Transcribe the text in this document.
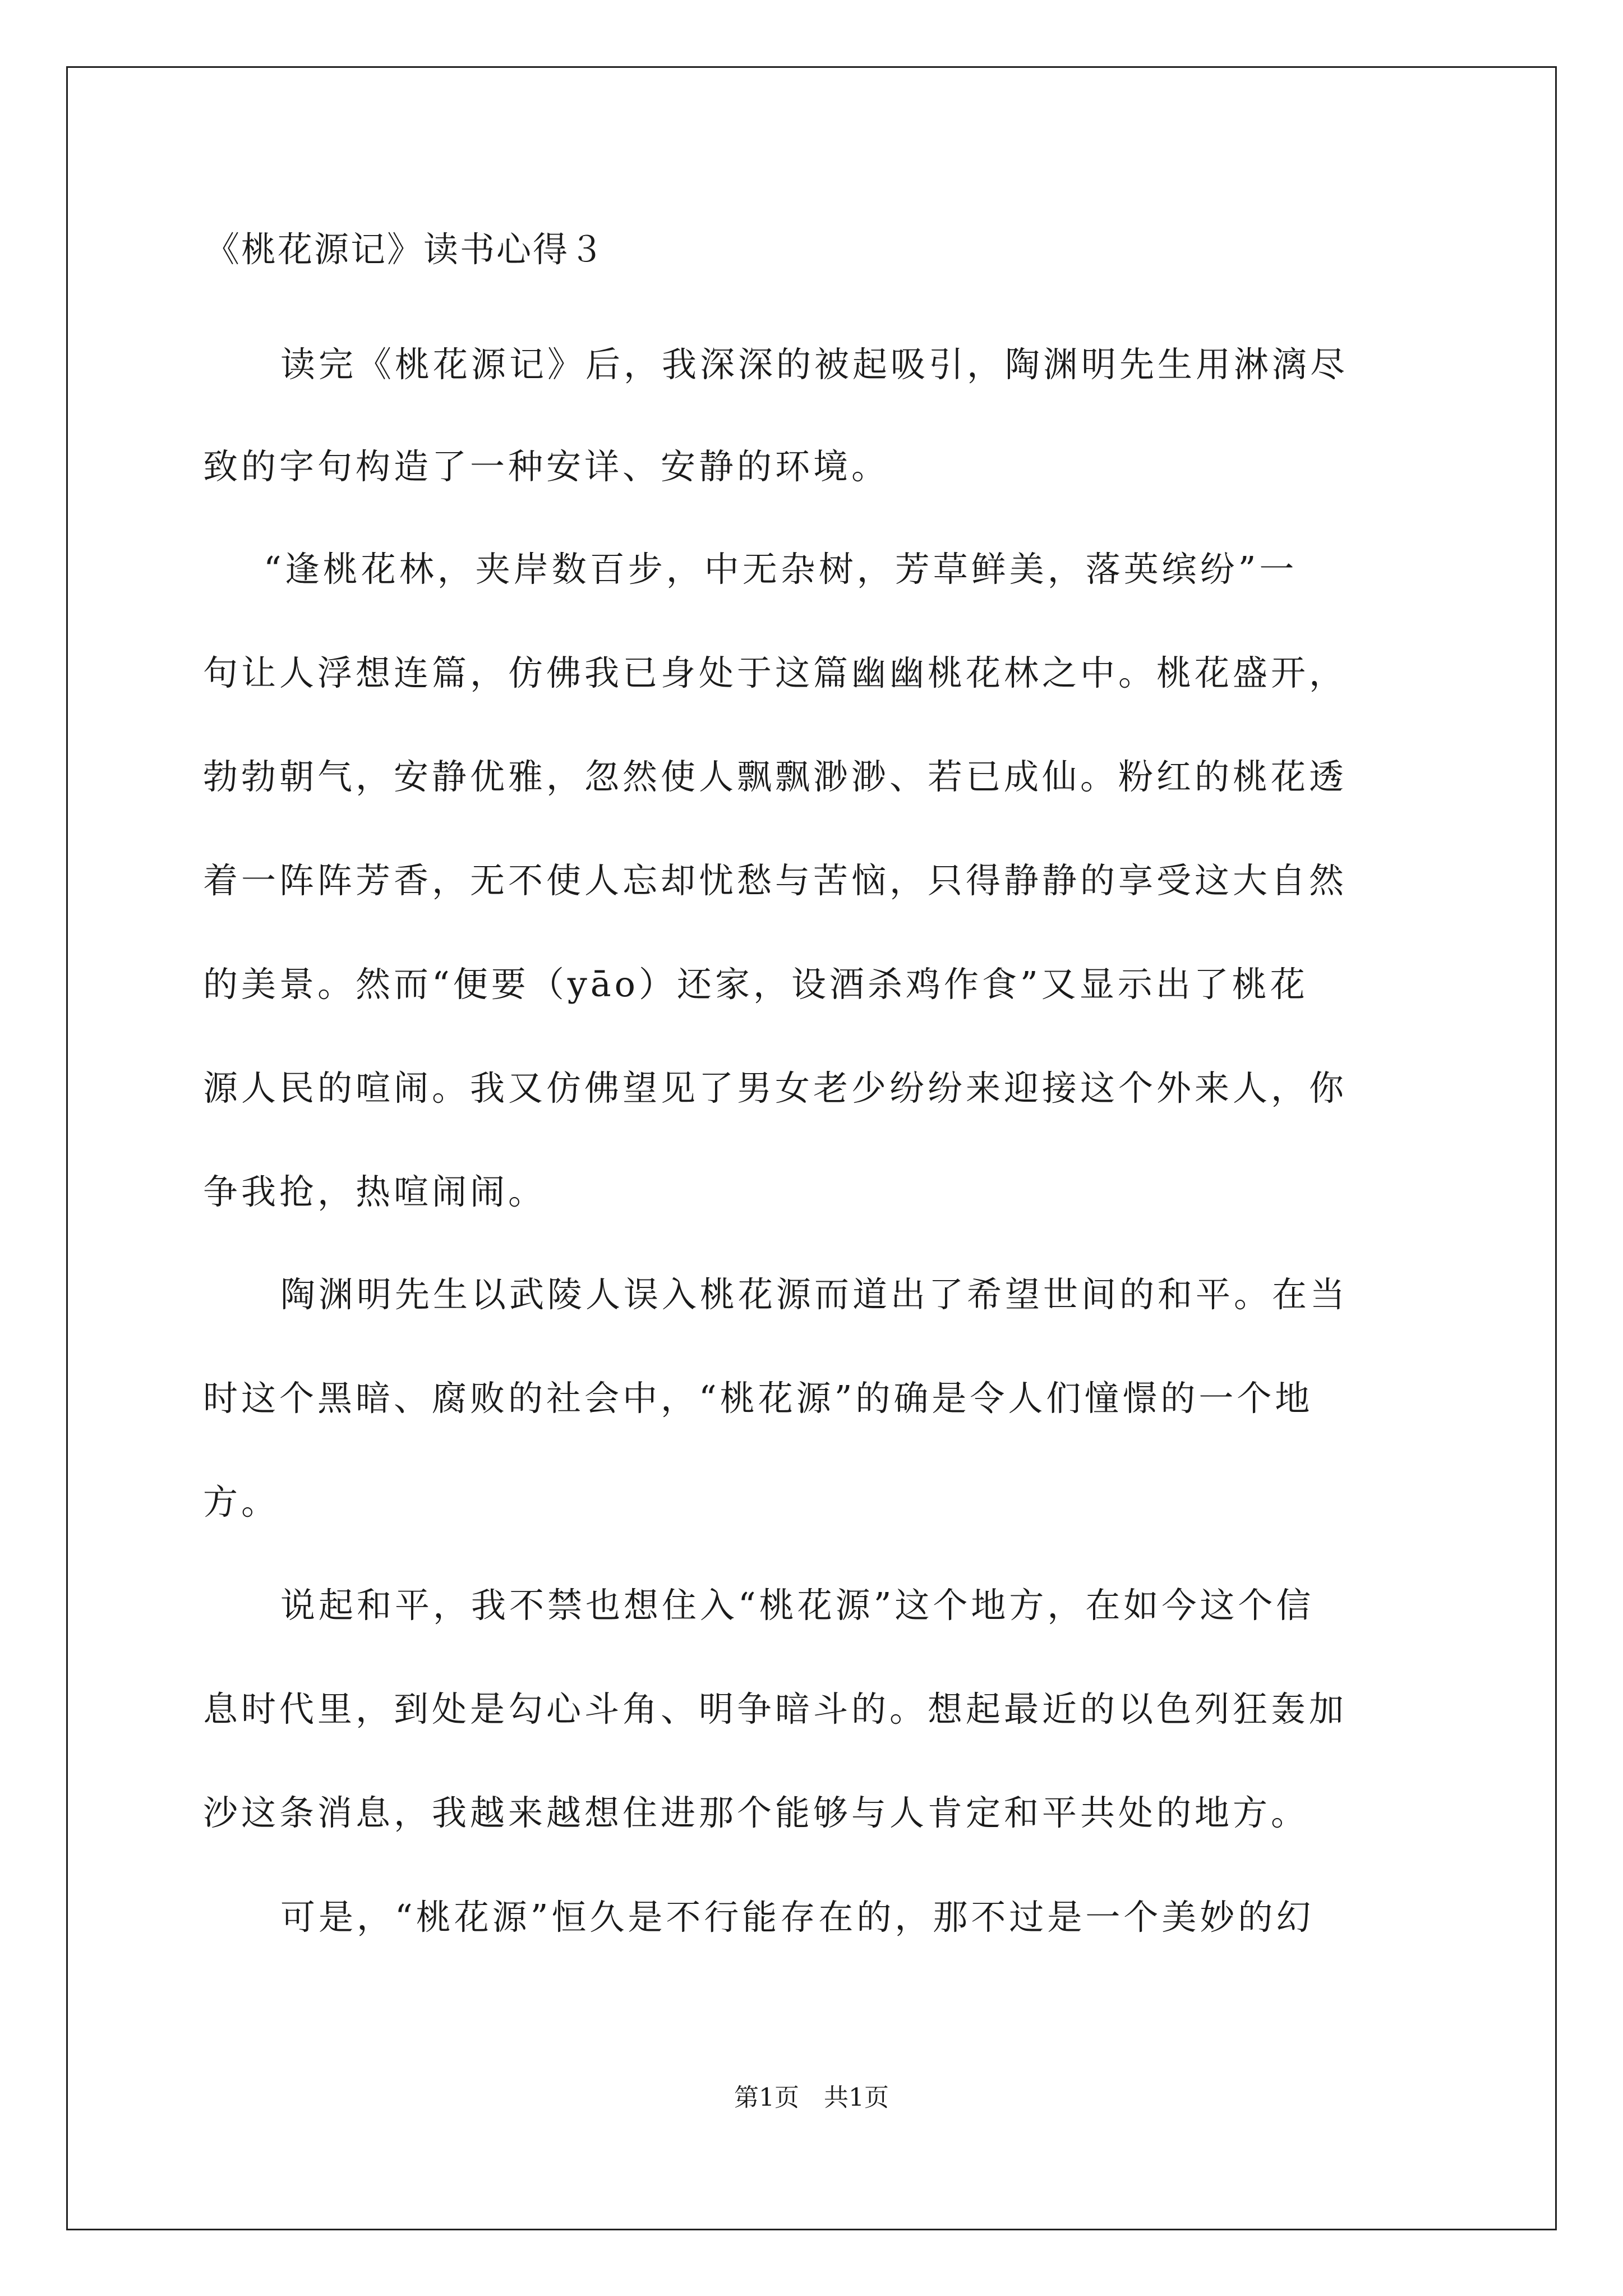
《桃花源记》读书心得３
读完《桃花源记》后，我深深的被起吸引，陶渊明先生用淋漓尽
致的字句构造了一种安详、安静的环境。
“逢桃花林，夹岸数百步，中无杂树，芳草鲜美，落英缤纷”一
句让人浮想连篇，仿佛我已身处于这篇幽幽桃花林之中。桃花盛开，
勃勃朝气，安静优雅，忽然使人飘飘渺渺、若已成仙。粉红的桃花透
着一阵阵芳香，无不使人忘却忧愁与苦恼，只得静静的享受这大自然
的美景。然而“便要（yāo）还家，设酒杀鸡作食”又显示出了桃花
源人民的喧闹。我又仿佛望见了男女老少纷纷来迎接这个外来人，你
争我抢，热喧闹闹。
陶渊明先生以武陵人误入桃花源而道出了希望世间的和平。在当
时这个黑暗、腐败的社会中，“桃花源”的确是令人们憧憬的一个地
方。
说起和平，我不禁也想住入“桃花源”这个地方，在如今这个信
息时代里，到处是勾心斗角、明争暗斗的。想起最近的以色列狂轰加
沙这条消息，我越来越想住进那个能够与人肯定和平共处的地方。
可是，“桃花源”恒久是不行能存在的，那不过是一个美妙的幻
第1页　共1页
